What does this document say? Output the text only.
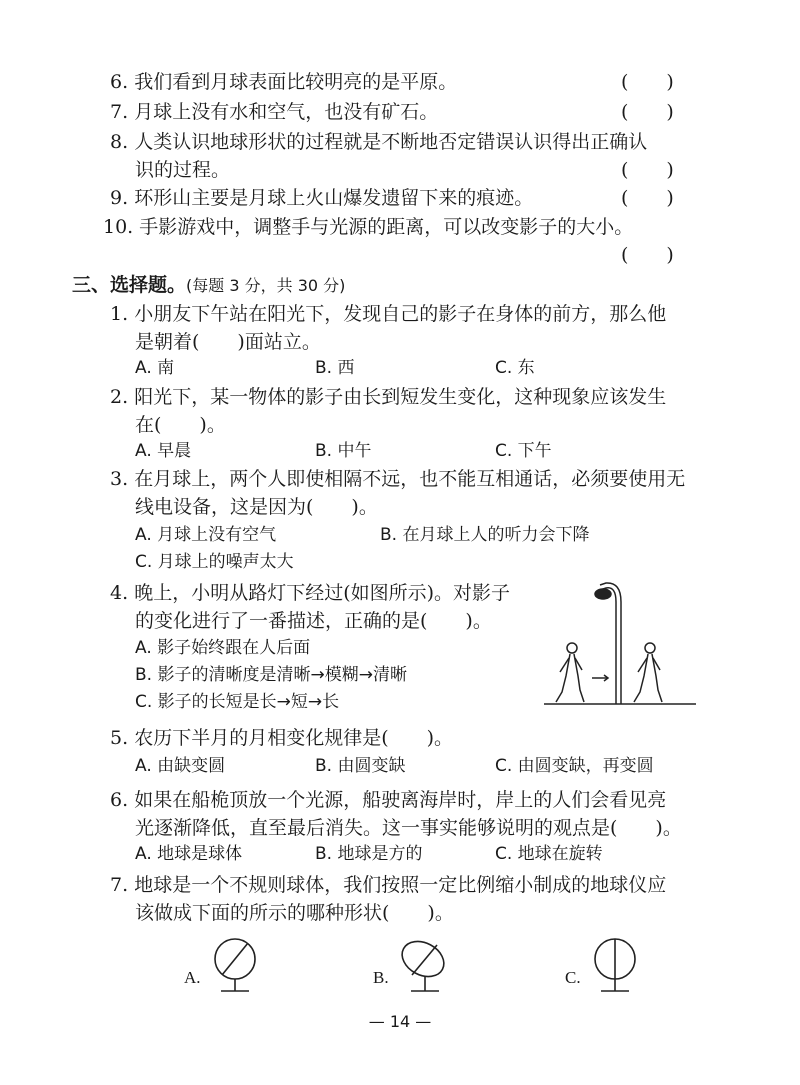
6. 我们看到月球表面比较明亮的是平原。	(　　)
7. 月球上没有水和空气，也没有矿石。	(　　)
8. 人类认识地球形状的过程就是不断地否定错误认识得出正确认
识的过程。	(　　)
9. 环形山主要是月球上火山爆发遗留下来的痕迹。	(　　)
10. 手影游戏中，调整手与光源的距离，可以改变影子的大小。
(　　)
三、选择题。(每题 3 分，共 30 分)
1. 小朋友下午站在阳光下，发现自己的影子在身体的前方，那么他
是朝着(　　)面站立。
A. 南	B. 西	C. 东
2. 阳光下，某一物体的影子由长到短发生变化，这种现象应该发生
在(　　)。
A. 早晨	B. 中午	C. 下午
3. 在月球上，两个人即使相隔不远，也不能互相通话，必须要使用无
线电设备，这是因为(　　)。
A. 月球上没有空气	B. 在月球上人的听力会下降
C. 月球上的噪声太大
4. 晚上，小明从路灯下经过(如图所示)。对影子
的变化进行了一番描述，正确的是(　　)。
A. 影子始终跟在人后面
B. 影子的清晰度是清晰→模糊→清晰
C. 影子的长短是长→短→长
5. 农历下半月的月相变化规律是(　　)。
A. 由缺变圆	B. 由圆变缺	C. 由圆变缺，再变圆
6. 如果在船桅顶放一个光源，船驶离海岸时，岸上的人们会看见亮
光逐渐降低，直至最后消失。这一事实能够说明的观点是(　　)。
A. 地球是球体	B. 地球是方的	C. 地球在旋转
7. 地球是一个不规则球体，我们按照一定比例缩小制成的地球仪应
该做成下面的所示的哪种形状(　　)。
A.	B.	C.
— 14 —
